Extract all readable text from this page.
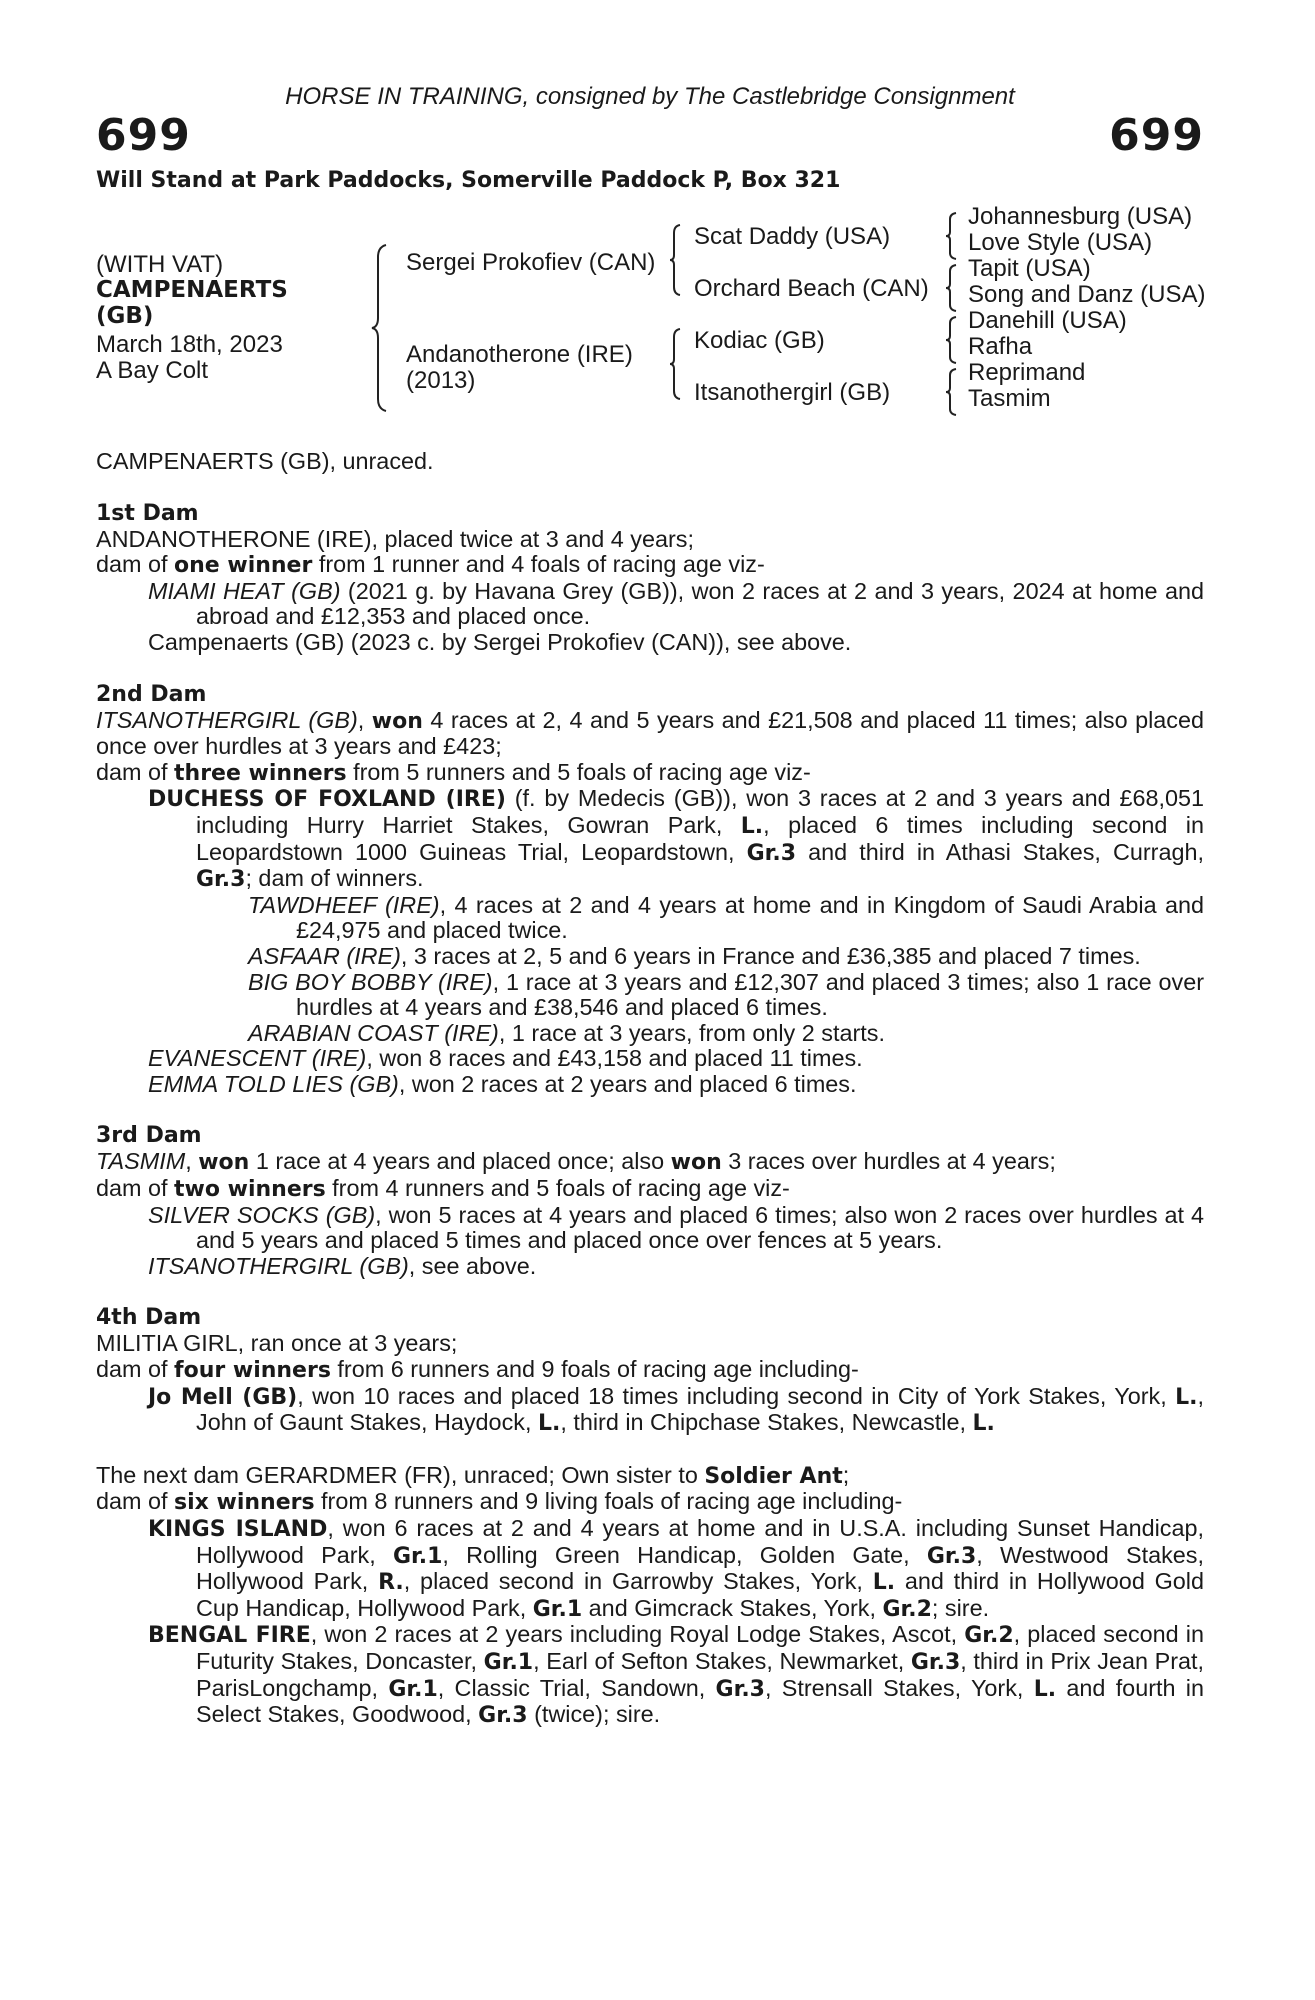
HORSE IN TRAINING, consigned by The Castlebridge Consignment

699	699
Will Stand at Park Paddocks, Somerville Paddock P, Box 321
(WITH VAT)
CAMPENAERTS
(GB)
March 18th, 2023
A Bay Colt
Sergei Prokofiev (CAN)
Andanotherone (IRE)
(2013)
Scat Daddy (USA)
Orchard Beach (CAN)
Kodiac (GB)
Itsanothergirl (GB)
Johannesburg (USA)
Love Style (USA)
Tapit (USA)
Song and Danz (USA)
Danehill (USA)
Rafha
Reprimand
Tasmim

CAMPENAERTS (GB), unraced.

1st Dam

ANDANOTHERONE (IRE), placed twice at 3 and 4 years;

dam of one winner from 1 runner and 4 foals of racing age viz-

MIAMI HEAT (GB) (2021 g. by Havana Grey (GB)), won 2 races at 2 and 3 years, 2024 at home and abroad and £12,353 and placed once.

Campenaerts (GB) (2023 c. by Sergei Prokofiev (CAN)), see above.

2nd Dam

ITSANOTHERGIRL (GB), won 4 races at 2, 4 and 5 years and £21,508 and placed 11 times; also placed once over hurdles at 3 years and £423;

dam of three winners from 5 runners and 5 foals of racing age viz-

DUCHESS OF FOXLAND (IRE) (f. by Medecis (GB)), won 3 races at 2 and 3 years and £68,051 including Hurry Harriet Stakes, Gowran Park, L., placed 6 times including second in Leopardstown 1000 Guineas Trial, Leopardstown, Gr.3 and third in Athasi Stakes, Curragh, Gr.3; dam of winners.

TAWDHEEF (IRE), 4 races at 2 and 4 years at home and in Kingdom of Saudi Arabia and £24,975 and placed twice.

ASFAAR (IRE), 3 races at 2, 5 and 6 years in France and £36,385 and placed 7 times.

BIG BOY BOBBY (IRE), 1 race at 3 years and £12,307 and placed 3 times; also 1 race over hurdles at 4 years and £38,546 and placed 6 times.

ARABIAN COAST (IRE), 1 race at 3 years, from only 2 starts.

EVANESCENT (IRE), won 8 races and £43,158 and placed 11 times.

EMMA TOLD LIES (GB), won 2 races at 2 years and placed 6 times.

3rd Dam

TASMIM, won 1 race at 4 years and placed once; also won 3 races over hurdles at 4 years;

dam of two winners from 4 runners and 5 foals of racing age viz-

SILVER SOCKS (GB), won 5 races at 4 years and placed 6 times; also won 2 races over hurdles at 4 and 5 years and placed 5 times and placed once over fences at 5 years.

ITSANOTHERGIRL (GB), see above.

4th Dam

MILITIA GIRL, ran once at 3 years;

dam of four winners from 6 runners and 9 foals of racing age including-

Jo Mell (GB), won 10 races and placed 18 times including second in City of York Stakes, York, L., John of Gaunt Stakes, Haydock, L., third in Chipchase Stakes, Newcastle, L.

The next dam GERARDMER (FR), unraced; Own sister to Soldier Ant;

dam of six winners from 8 runners and 9 living foals of racing age including-

KINGS ISLAND, won 6 races at 2 and 4 years at home and in U.S.A. including Sunset Handicap, Hollywood Park, Gr.1, Rolling Green Handicap, Golden Gate, Gr.3, Westwood Stakes, Hollywood Park, R., placed second in Garrowby Stakes, York, L. and third in Hollywood Gold Cup Handicap, Hollywood Park, Gr.1 and Gimcrack Stakes, York, Gr.2; sire.

BENGAL FIRE, won 2 races at 2 years including Royal Lodge Stakes, Ascot, Gr.2, placed second in Futurity Stakes, Doncaster, Gr.1, Earl of Sefton Stakes, Newmarket, Gr.3, third in Prix Jean Prat, ParisLongchamp, Gr.1, Classic Trial, Sandown, Gr.3, Strensall Stakes, York, L. and fourth in Select Stakes, Goodwood, Gr.3 (twice); sire.
